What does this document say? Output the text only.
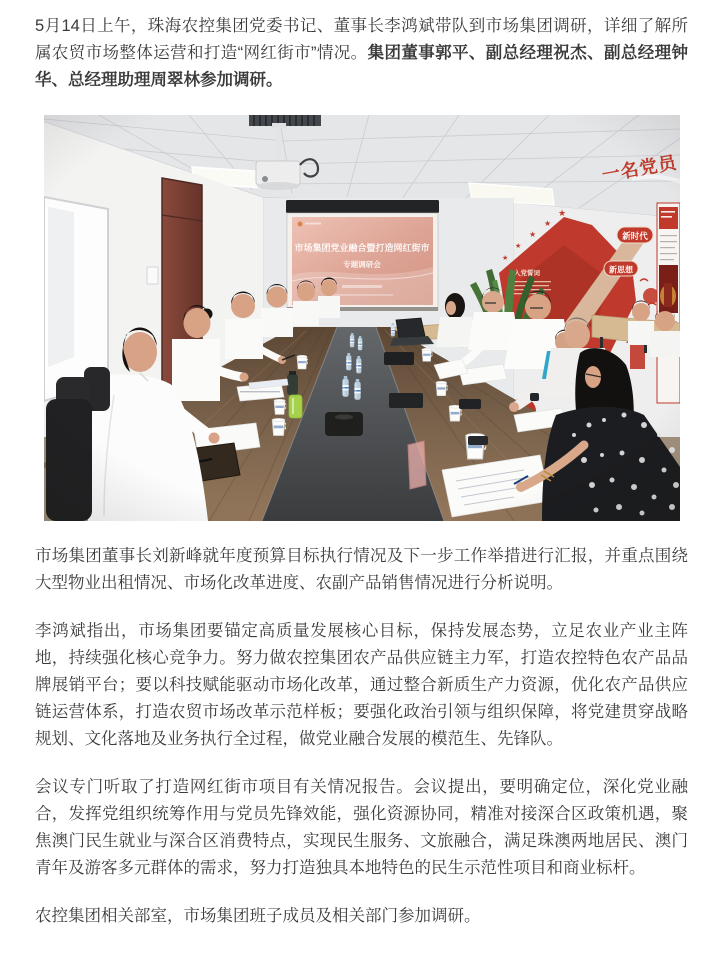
5月14日上午，珠海农控集团党委书记、董事长李鸿斌带队到市场集团调研，详细了解所属农贸市场整体运营和打造“网红街市”情况。集团董事郭平、副总经理祝杰、副总经理钟华、总经理助理周翠林参加调研。

市场集团董事长刘新峰就年度预算目标执行情况及下一步工作举措进行汇报，并重点围绕大型物业出租情况、市场化改革进度、农副产品销售情况进行分析说明。

李鸿斌指出，市场集团要锚定高质量发展核心目标，保持发展态势，立足农业产业主阵地，持续强化核心竞争力。努力做农控集团农产品供应链主力军，打造农控特色农产品品牌展销平台；要以科技赋能驱动市场化改革，通过整合新质生产力资源，优化农产品供应链运营体系，打造农贸市场改革示范样板；要强化政治引领与组织保障，将党建贯穿战略规划、文化落地及业务执行全过程，做党业融合发展的模范生、先锋队。

会议专门听取了打造网红街市项目有关情况报告。会议提出，要明确定位，深化党业融合，发挥党组织统筹作用与党员先锋效能，强化资源协同，精准对接深合区政策机遇，聚焦澳门民生就业与深合区消费特点，实现民生服务、文旅融合，满足珠澳两地居民、澳门青年及游客多元群体的需求，努力打造独具本地特色的民生示范性项目和商业标杆。

农控集团相关部室，市场集团班子成员及相关部门参加调研。
